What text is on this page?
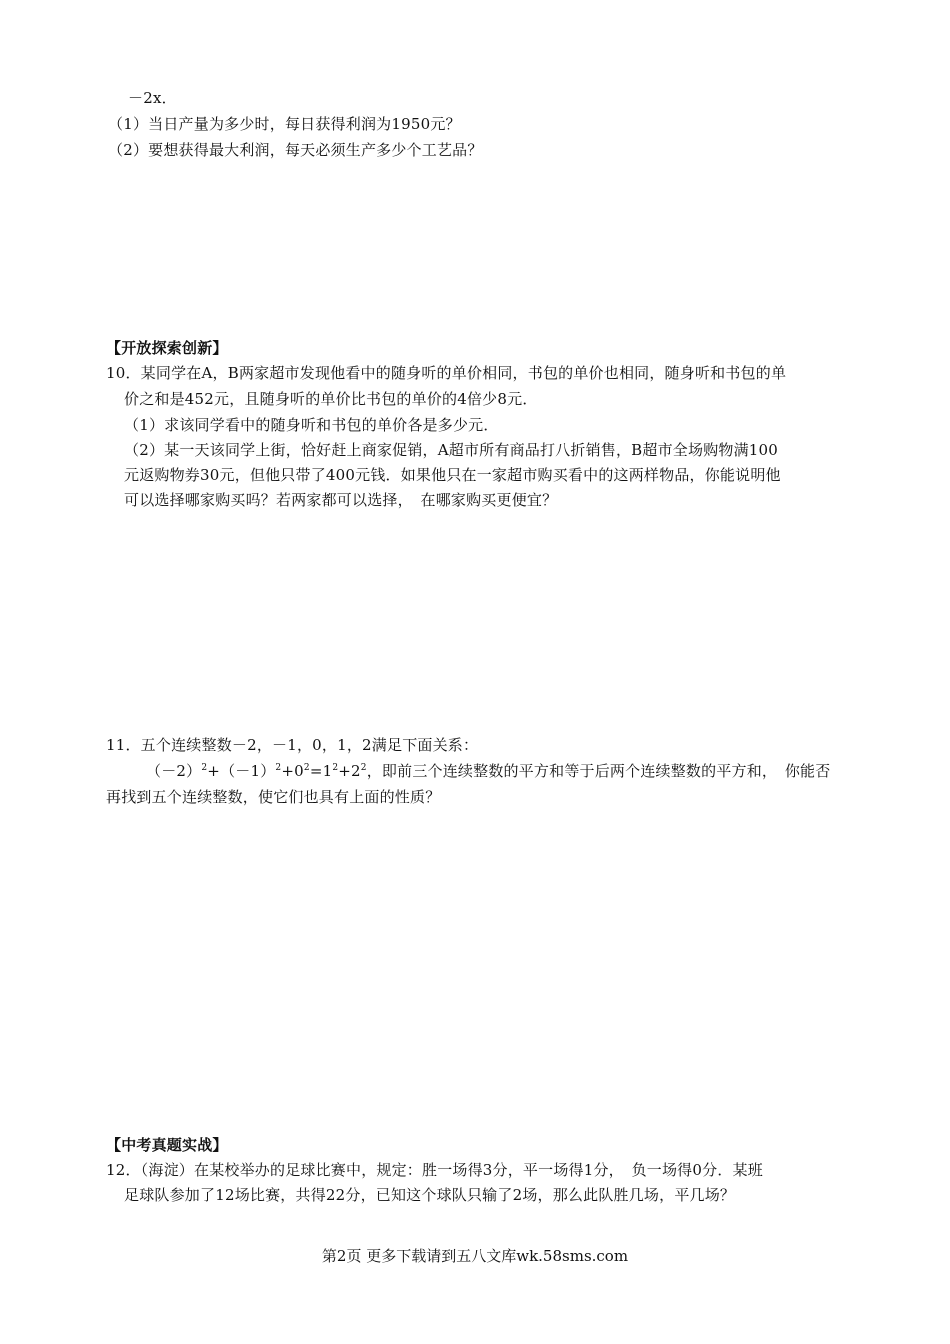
－2x．
（1）当日产量为多少时，每日获得利润为1950元？
（2）要想获得最大利润，每天必须生产多少个工艺品？
【开放探索创新】
10．某同学在A，B两家超市发现他看中的随身听的单价相同，书包的单价也相同，随身听和书包的单
价之和是452元，且随身听的单价比书包的单价的4倍少8元．
（1）求该同学看中的随身听和书包的单价各是多少元．
（2）某一天该同学上街，恰好赶上商家促销，A超市所有商品打八折销售，B超市全场购物满100
元返购物券30元，但他只带了400元钱．如果他只在一家超市购买看中的这两样物品，你能说明他
可以选择哪家购买吗？若两家都可以选择，　在哪家购买更便宜？
11．五个连续整数－2，－1，0，1，2满足下面关系：
$(-2)^2+(-1)^2+0^2=1^2+2^2$，即前三个连续整数的平方和等于后两个连续整数的平方和，　你能否
再找到五个连续整数，使它们也具有上面的性质？
【中考真题实战】
12．（海淀）在某校举办的足球比赛中，规定：胜一场得3分，平一场得1分，　负一场得0分．某班
足球队参加了12场比赛，共得22分，已知这个球队只输了2场，那么此队胜几场，平几场？
第2页 更多下载请到五八文库wk.58sms.com
